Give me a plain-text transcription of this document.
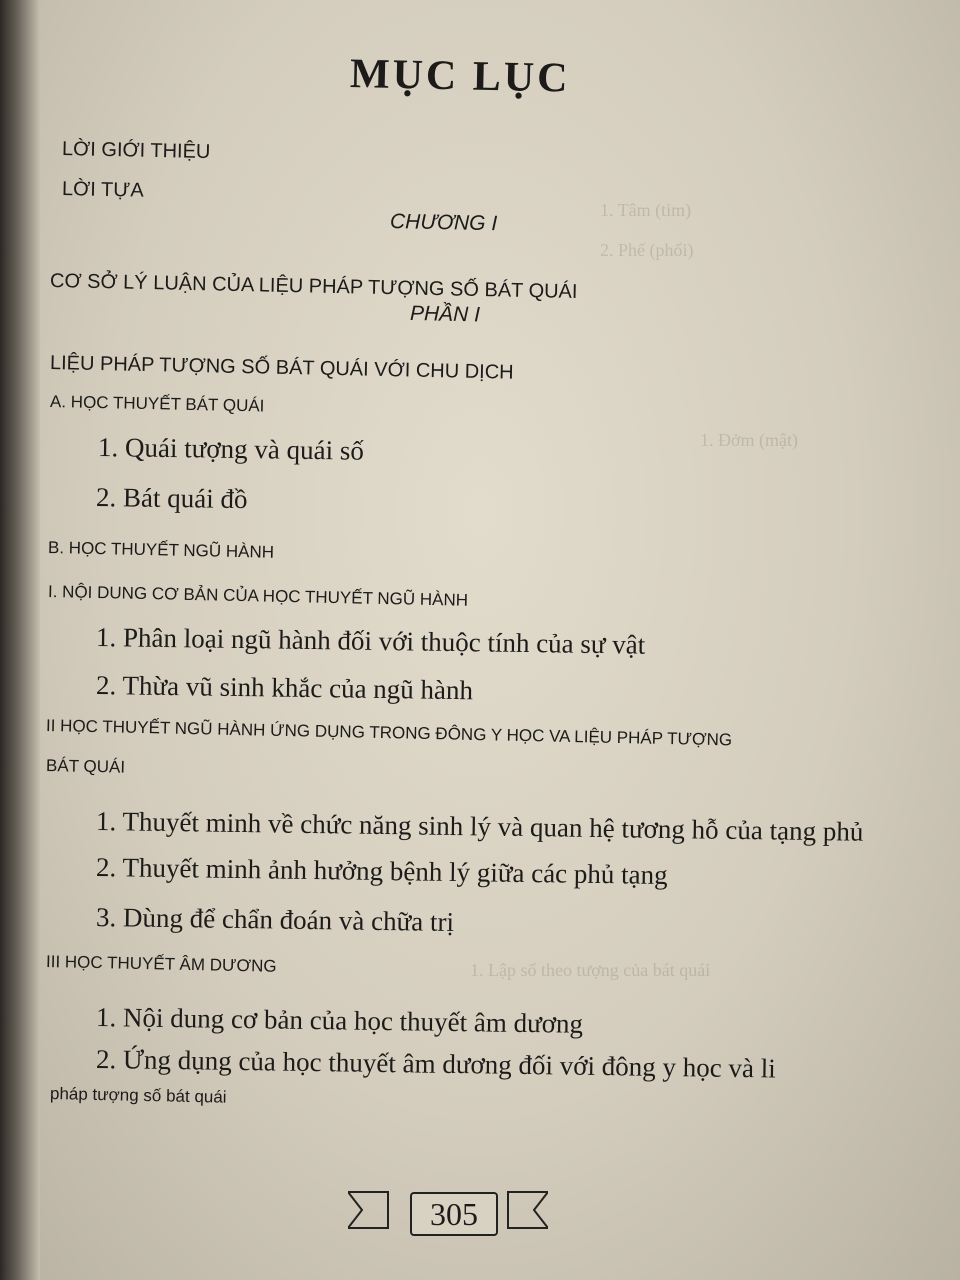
1. Tâm (tim)
2. Phế (phổi)
1. Đởm (mật)
1. Lập số theo tượng của bát quái
MỤC LỤC
LỜI GIỚI THIỆU
LỜI TỰA
CHƯƠNG I
CƠ SỞ LÝ LUẬN CỦA LIỆU PHÁP TƯỢNG SỐ BÁT QUÁI
PHẦN I
LIỆU PHÁP TƯỢNG SỐ BÁT QUÁI VỚI CHU DỊCH
A. HỌC THUYẾT BÁT QUÁI
1. Quái tượng và quái số
2. Bát quái đồ
B. HỌC THUYẾT NGŨ HÀNH
I. NỘI DUNG CƠ BẢN CỦA HỌC THUYẾT NGŨ HÀNH
1. Phân loại ngũ hành đối với thuộc tính của sự vật
2. Thừa vũ sinh khắc của ngũ hành
II HỌC THUYẾT NGŨ HÀNH ỨNG DỤNG TRONG ĐÔNG Y HỌC VA LIỆU PHÁP TƯỢNG
BÁT QUÁI
1. Thuyết minh về chức năng sinh lý và quan hệ tương hỗ của tạng phủ
2. Thuyết minh ảnh hưởng bệnh lý giữa các phủ tạng
3. Dùng để chẩn đoán và chữa trị
III HỌC THUYẾT ÂM DƯƠNG
1. Nội dung cơ bản của học thuyết âm dương
2. Ứng dụng của học thuyết âm dương đối với đông y học và li
pháp tượng số bát quái
305
